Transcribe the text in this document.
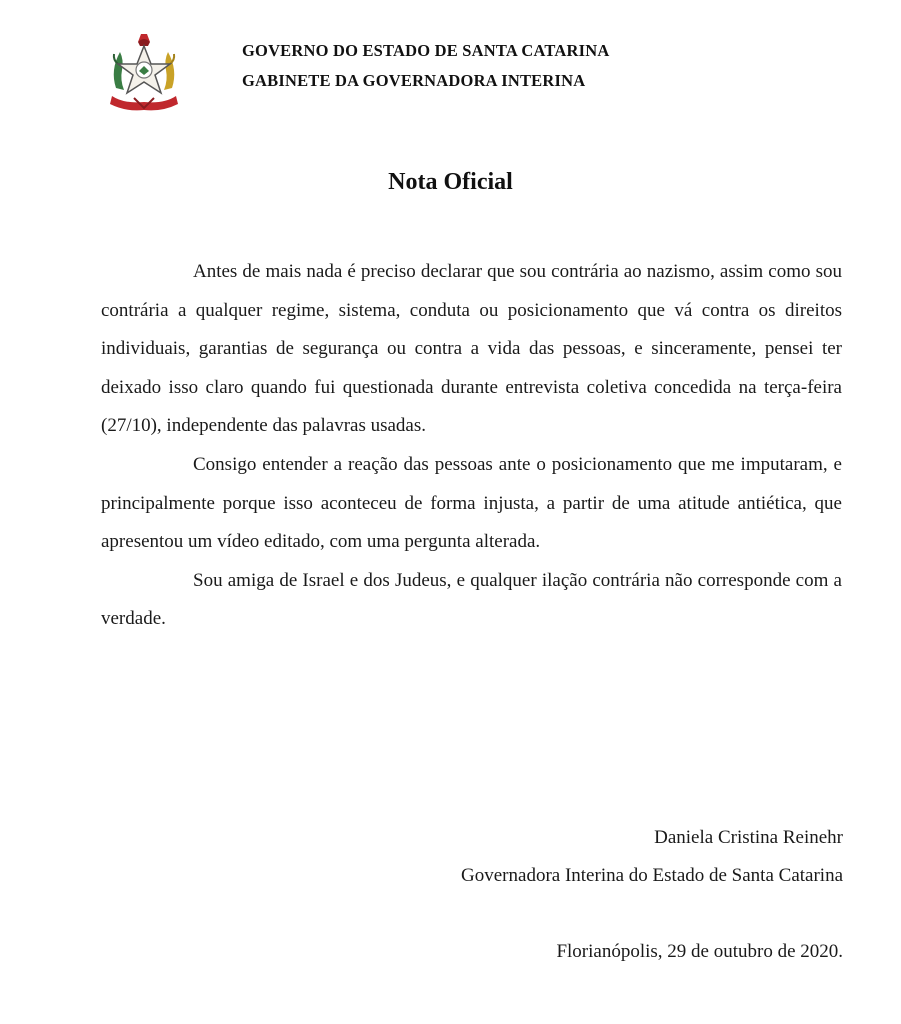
GOVERNO DO ESTADO DE SANTA CATARINA
GABINETE DA GOVERNADORA INTERINA
Nota Oficial

Antes de mais nada é preciso declarar que sou contrária ao nazismo, assim como sou contrária a qualquer regime, sistema, conduta ou posicionamento que vá contra os direitos individuais, garantias de segurança ou contra a vida das pessoas, e sinceramente, pensei ter deixado isso claro quando fui questionada durante entrevista coletiva concedida na terça-feira (27/10), independente das palavras usadas.

Consigo entender a reação das pessoas ante o posicionamento que me imputaram, e principalmente porque isso aconteceu de forma injusta, a partir de uma atitude antiética, que apresentou um vídeo editado, com uma pergunta alterada.

Sou amiga de Israel e dos Judeus, e qualquer ilação contrária não corresponde com a verdade.

Daniela Cristina Reinehr
Governadora Interina do Estado de Santa Catarina
Florianópolis, 29 de outubro de 2020.
